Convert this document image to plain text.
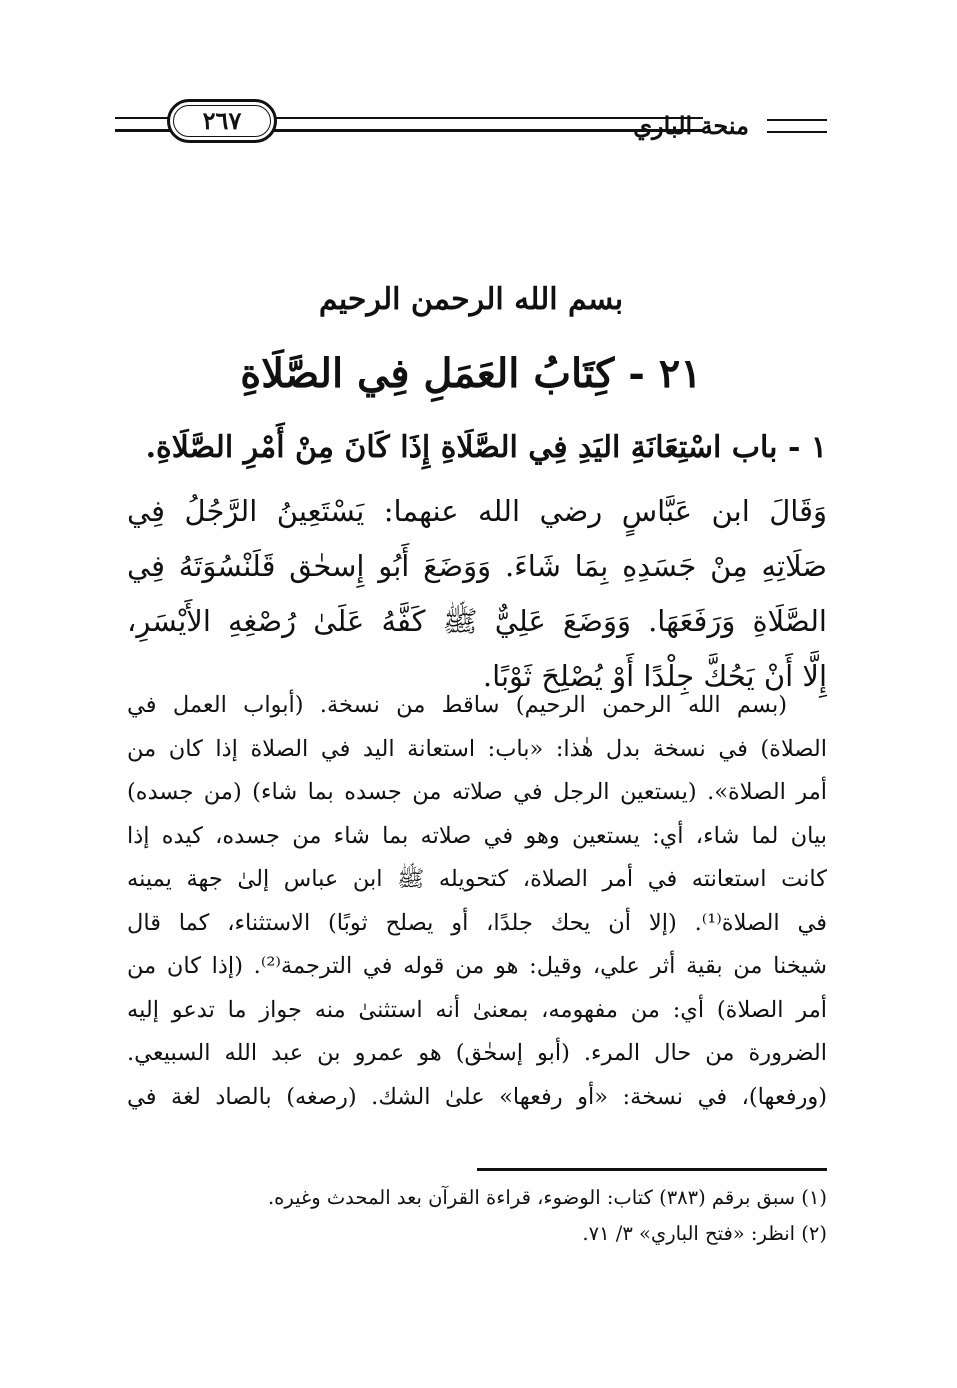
٢٦٧	منحة الباري
بسم الله الرحمن الرحيم
٢١ - كِتَابُ العَمَلِ فِي الصَّلَاةِ
١ - باب اسْتِعَانَةِ اليَدِ فِي الصَّلَاةِ إِذَا كَانَ مِنْ أَمْرِ الصَّلَاةِ.
وَقَالَ ابن عَبَّاسٍ رضي الله عنهما: يَسْتَعِينُ الرَّجُلُ فِي
صَلَاتِهِ مِنْ جَسَدِهِ بِمَا شَاءَ. وَوَضَعَ أَبُو إِسحٰق قَلَنْسُوَتَهُ فِي
الصَّلَاةِ وَرَفَعَهَا. وَوَضَعَ عَلِيٌّ ﷺ كَفَّهُ عَلَىٰ رُصْغِهِ الأَيْسَرِ،
إِلَّا أَنْ يَحُكَّ جِلْدًا أَوْ يُصْلِحَ ثَوْبًا.
(بسم الله الرحمن الرحيم) ساقط من نسخة. (أبواب العمل في
الصلاة) في نسخة بدل هٰذا: «باب: استعانة اليد في الصلاة إذا كان من
أمر الصلاة». (يستعين الرجل في صلاته من جسده بما شاء) (من جسده)
بيان لما شاء، أي: يستعين وهو في صلاته بما شاء من جسده، كيده إذا
كانت استعانته في أمر الصلاة، كتحويله ﷺ ابن عباس إلىٰ جهة يمينه
في الصلاة⁽¹⁾. (إلا أن يحك جلدًا، أو يصلح ثوبًا) الاستثناء، كما قال
شيخنا من بقية أثر علي، وقيل: هو من قوله في الترجمة⁽²⁾. (إذا كان من
أمر الصلاة) أي: من مفهومه، بمعنىٰ أنه استثنىٰ منه جواز ما تدعو إليه
الضرورة من حال المرء. (أبو إسحٰق) هو عمرو بن عبد الله السبيعي.
(ورفعها)، في نسخة: «أو رفعها» علىٰ الشك. (رصغه) بالصاد لغة في
(١) سبق برقم (٣٨٣) كتاب: الوضوء، قراءة القرآن بعد المحدث وغيره.
(٢) انظر: «فتح الباري» ٣/ ٧١.
